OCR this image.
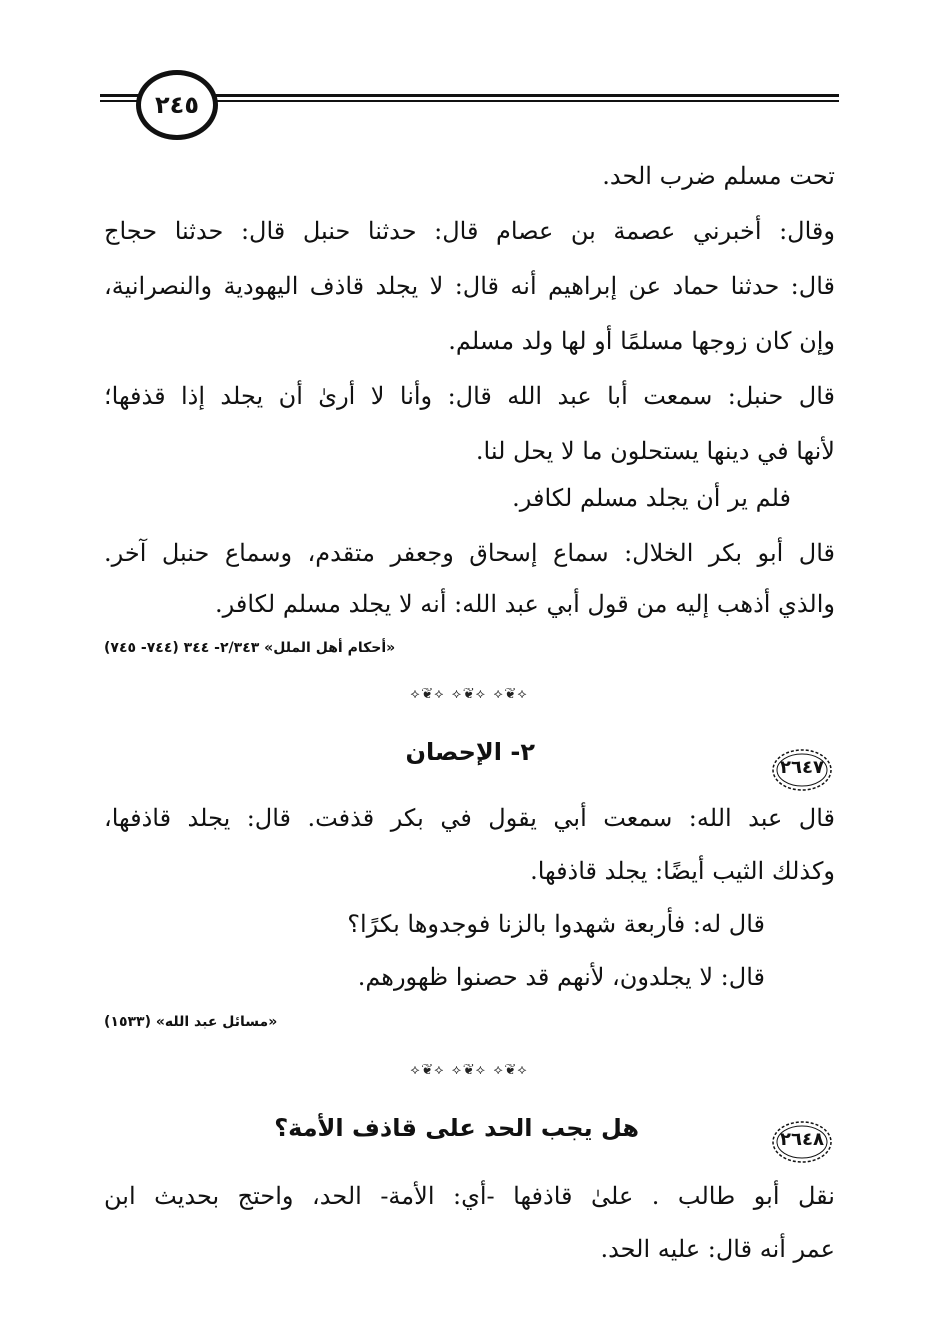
٢٤٥
تحت مسلم ضرب الحد.
وقال: أخبرني عصمة بن عصام قال: حدثنا حنبل قال: حدثنا حجاج
قال: حدثنا حماد عن إبراهيم أنه قال: لا يجلد قاذف اليهودية والنصرانية،
وإن كان زوجها مسلمًا أو لها ولد مسلم.
قال حنبل: سمعت أبا عبد الله قال: وأنا لا أرىٰ أن يجلد إذا قذفها؛
لأنها في دينها يستحلون ما لا يحل لنا.
فلم ير أن يجلد مسلم لكافر.
قال أبو بكر الخلال: سماع إسحاق وجعفر متقدم، وسماع حنبل آخر.
والذي أذهب إليه من قول أبي عبد الله: أنه لا يجلد مسلم لكافر.
«أحكام أهل الملل» ٢/٣٤٣- ٣٤٤ (٧٤٤- ٧٤٥)
⟡❦⟡ ⟡❦⟡ ⟡❦⟡
٢٦٤٧
٢- الإحصان
قال عبد الله: سمعت أبي يقول في بكر قذفت. قال: يجلد قاذفها،
وكذلك الثيب أيضًا: يجلد قاذفها.
قال له: فأربعة شهدوا بالزنا فوجدوها بكرًا؟
قال: لا يجلدون، لأنهم قد حصنوا ظهورهم.
«مسائل عبد الله» (١٥٣٣)
⟡❦⟡ ⟡❦⟡ ⟡❦⟡
٢٦٤٨
هل يجب الحد على قاذف الأمة؟
نقل أبو طالب . علىٰ قاذفها -أي: الأمة- الحد، واحتج بحديث ابن
عمر أنه قال: عليه الحد.
